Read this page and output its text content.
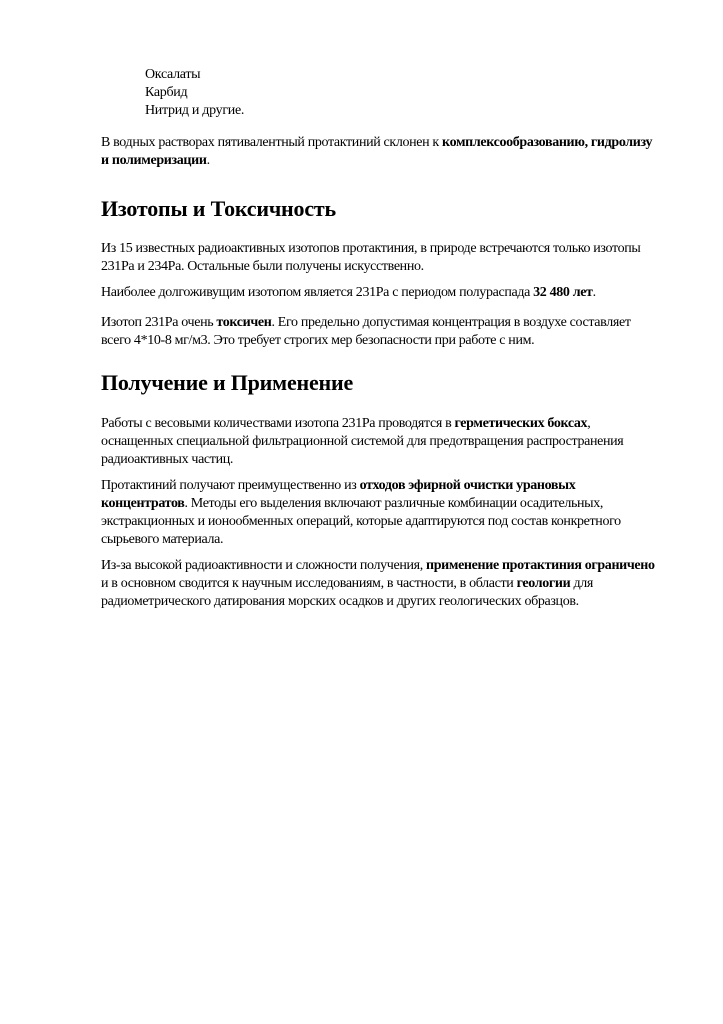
Оксалаты
Карбид
Нитрид и другие.

В водных растворах пятивалентный протактиний склонен к комплексообразованию, гидролизу и полимеризации.

Изотопы и Токсичность

Из 15 известных радиоактивных изотопов протактиния, в природе встречаются только изотопы 231Pa и 234Pa. Остальные были получены искусственно.

Наиболее долгоживущим изотопом является 231Pa с периодом полураспада 32 480 лет.

Изотоп 231Pa очень токсичен. Его предельно допустимая концентрация в воздухе составляет всего 4*10-8 мг/м3. Это требует строгих мер безопасности при работе с ним.

Получение и Применение

Работы с весовыми количествами изотопа 231Pa проводятся в герметических боксах, оснащенных специальной фильтрационной системой для предотвращения распространения радиоактивных частиц.

Протактиний получают преимущественно из отходов эфирной очистки урановых концентратов. Методы его выделения включают различные комбинации осадительных, экстракционных и ионообменных операций, которые адаптируются под состав конкретного сырьевого материала.

Из-за высокой радиоактивности и сложности получения, применение протактиния ограничено и в основном сводится к научным исследованиям, в частности, в области геологии для радиометрического датирования морских осадков и других геологических образцов.
